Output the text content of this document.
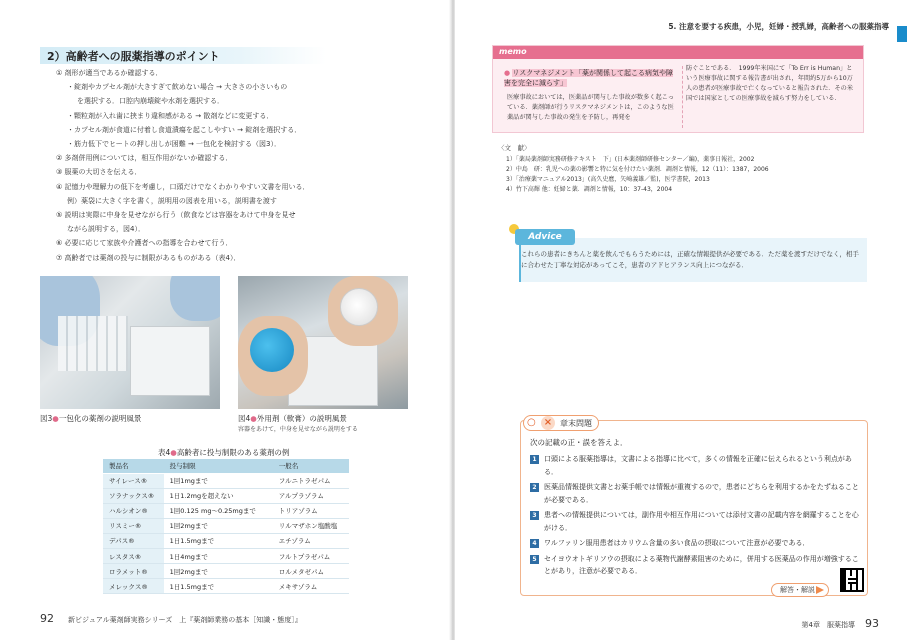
2）高齢者への服薬指導のポイント
① 剤形が適当であるか確認する．
・錠剤やカプセル剤が大きすぎて飲めない場合 → 大きさの小さいもの
を選択する．口腔内崩壊錠や水剤を選択する．
・顆粒剤が入れ歯に挟まり違和感がある → 散剤などに変更する．
・カプセル剤が食道に付着し食道潰瘍を起こしやすい → 錠剤を選択する．
・筋力低下でヒートの押し出しが困難 → 一包化を検討する（図3）．
② 多剤併用例については，相互作用がないか確認する．
③ 服薬の大切さを伝える．
④ 記憶力や理解力の低下を考慮し，口頭だけでなくわかりやすい文書を用いる．
例）薬袋に大きく字を書く，説明用の図表を用いる，説明書を渡す
⑤ 説明は実際に中身を見せながら行う（飲食などは容器をあけて中身を見せ
ながら説明する，図4）．
⑥ 必要に応じて家族や介護者への指導を合わせて行う．
⑦ 高齢者では薬剤の投与に制限があるものがある（表4）．
図3●一包化の薬剤の説明風景	図4●外用剤（軟膏）の説明風景
容器をあけて，中身を見せながら説明をする
表4●高齢者に投与制限のある薬剤の例
製品名	投与制限	一般名
サイレース®	1回1mgまで	フルニトラゼパム
ソラナックス®	1日1.2mgを超えない	アルプラゾラム
ハルシオン®	1回0.125 mg〜0.25mgまで	トリアゾラム
リスミー®	1回2mgまで	リルマザホン塩酸塩
デパス®	1日1.5mgまで	エチゾラム
レスタス®	1日4mgまで	フルトプラゼパム
ロラメット®	1回2mgまで	ロルメタゼパム
メレックス®	1日1.5mgまで	メキサゾラム
92 新ビジュアル薬剤師実務シリーズ　上『薬剤師業務の基本［知識・態度］』
5. 注意を要する疾患，小児，妊婦・授乳婦，高齢者への服薬指導
memo
● リスクマネジメント「薬が関係して起こる病気や障害を完全に減らす」
医療事故においては，医薬品が関与した事故が数多く起こっている．薬剤師が行うリスクマネジメントは，このような医薬品が関与した事故の発生を予防し，再発を
防ぐことである．　1999年米国にて「To Err is Human」という医療事故に関する報告書が出され，年間約5万から10万人の患者が医療事故で亡くなっていると報告された．その米国では国家としての医療事故を減らす努力をしている．
〈文　献〉
1）「薬局薬剤師実務研修テキスト　下」(日本薬剤師研修センター／編)，薬事日報社，2002
2）中島　研：乳児への薬の影響と特に気を付けたい薬剤．調剤と情報，12（11）：1387，2006
3）「治療薬マニュアル2013」(高久史麿，矢崎義雄／監)，医学書院，2013
4）竹下高輝 他：妊婦と薬．調剤と情報，10：37-43，2004
Advice
これらの患者にきちんと薬を飲んでもらうためには，正確な情報提供が必要である．ただ薬を渡すだけでなく，相手に合わせた丁寧な対応があってこそ，患者のアドヒアランス向上につながる．
○ × 章末問題
次の記載の正・誤を答えよ．
1	口頭による服薬指導は，文書による指導に比べて，多くの情報を正確に伝えられるという利点がある．
2	医薬品情報提供文書とお薬手帳では情報が重複するので，患者にどちらを利用するかをたずねることが必要である．
3	患者への情報提供については，副作用や相互作用については添付文書の記載内容を網羅することを心がける．
4	ワルファリン服用患者はカリウム含量の多い食品の摂取について注意が必要である．
5	セイヨウオトギリソウの摂取による薬物代謝酵素阻害のために，併用する医薬品の作用が増強することがあり，注意が必要である．
解答・解説
第4章　服薬指導 93
